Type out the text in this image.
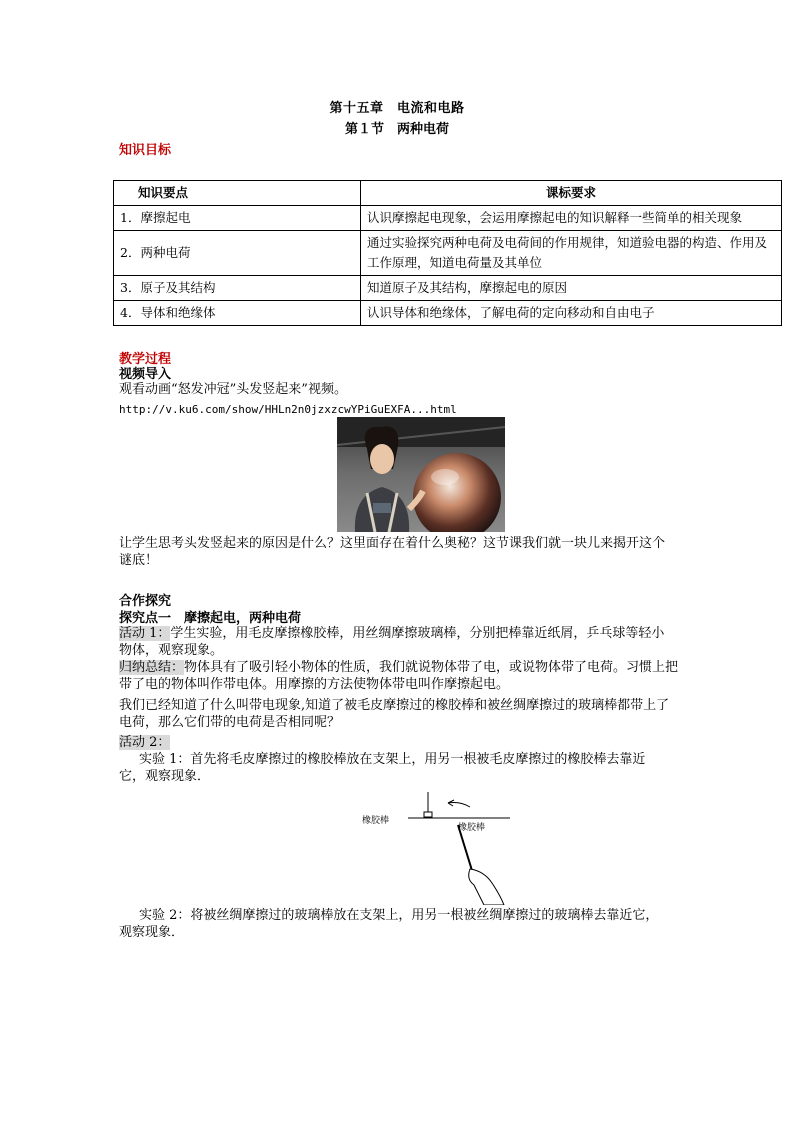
第十五章　电流和电路
第１节　两种电荷
知识目标
知识要点	课标要求
1．摩擦起电	认识摩擦起电现象，会运用摩擦起电的知识解释一些简单的相关现象
2．两种电荷	通过实验探究两种电荷及电荷间的作用规律，知道验电器的构造、作用及工作原理，知道电荷量及其单位
3．原子及其结构	知道原子及其结构，摩擦起电的原因
4．导体和绝缘体	认识导体和绝缘体，了解电荷的定向移动和自由电子
教学过程
视频导入
观看动画“怒发冲冠”头发竖起来”视频。
http://v.ku6.com/show/HHLn2n0jzxzcwYPiGuEXFA...html
让学生思考头发竖起来的原因是什么？这里面存在着什么奥秘？这节课我们就一块儿来揭开这个谜底！
合作探究
探究点一　摩擦起电，两种电荷
活动 1：学生实验，用毛皮摩擦橡胶棒，用丝绸摩擦玻璃棒，分别把棒靠近纸屑，乒乓球等轻小物体，观察现象。
归纳总结：物体具有了吸引轻小物体的性质，我们就说物体带了电，或说物体带了电荷。习惯上把带了电的物体叫作带电体。用摩擦的方法使物体带电叫作摩擦起电。
我们已经知道了什么叫带电现象,知道了被毛皮摩擦过的橡胶棒和被丝绸摩擦过的玻璃棒都带上了电荷，那么它们带的电荷是否相同呢？
活动 2：
实验 1：首先将毛皮摩擦过的橡胶棒放在支架上，用另一根被毛皮摩擦过的橡胶棒去靠近它，观察现象．
橡胶棒
橡胶棒
实验 2：将被丝绸摩擦过的玻璃棒放在支架上，用另一根被丝绸摩擦过的玻璃棒去靠近它，观察现象．
